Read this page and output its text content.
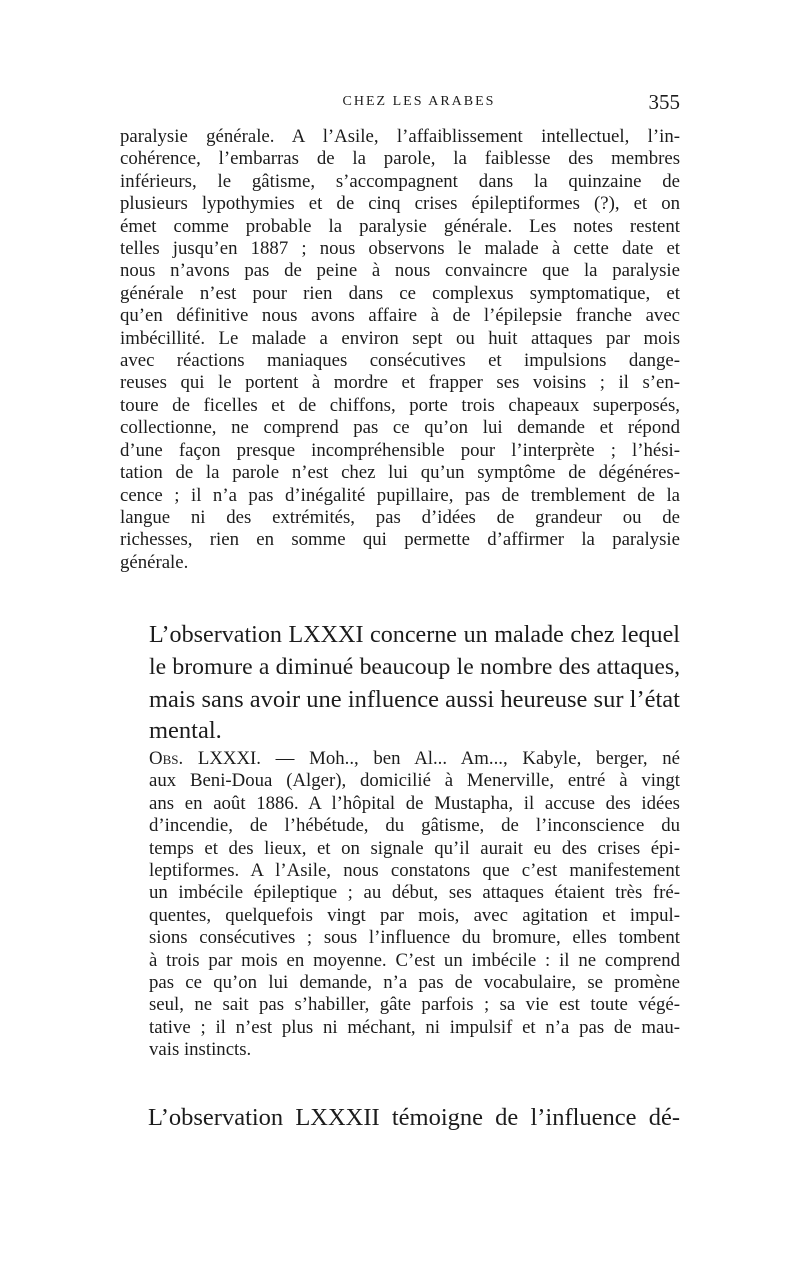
CHEZ LES ARABES	355
paralysie générale. A l’Asile, l’affaiblissement intellectuel, l’in-
cohérence, l’embarras de la parole, la faiblesse des membres
inférieurs, le gâtisme, s’accompagnent dans la quinzaine de
plusieurs lypothymies et de cinq crises épileptiformes (?), et on
émet comme probable la paralysie générale. Les notes restent
telles jusqu’en 1887 ; nous observons le malade à cette date et
nous n’avons pas de peine à nous convaincre que la paralysie
générale n’est pour rien dans ce complexus symptomatique, et
qu’en définitive nous avons affaire à de l’épilepsie franche avec
imbécillité. Le malade a environ sept ou huit attaques par mois
avec réactions maniaques consécutives et impulsions dange-
reuses qui le portent à mordre et frapper ses voisins ; il s’en-
toure de ficelles et de chiffons, porte trois chapeaux superposés,
collectionne, ne comprend pas ce qu’on lui demande et répond
d’une façon presque incompréhensible pour l’interprète ; l’hési-
tation de la parole n’est chez lui qu’un symptôme de dégénéres-
cence ; il n’a pas d’inégalité pupillaire, pas de tremblement de la
langue ni des extrémités, pas d’idées de grandeur ou de
richesses, rien en somme qui permette d’affirmer la paralysie
générale.
L’observation LXXXI concerne un malade chez lequel
le bromure a diminué beaucoup le nombre des attaques,
mais sans avoir une influence aussi heureuse sur l’état
mental.
Obs. LXXXI. — Moh.., ben Al... Am..., Kabyle, berger, né
aux Beni-Doua (Alger), domicilié à Menerville, entré à vingt
ans en août 1886. A l’hôpital de Mustapha, il accuse des idées
d’incendie, de l’hébétude, du gâtisme, de l’inconscience du
temps et des lieux, et on signale qu’il aurait eu des crises épi-
leptiformes. A l’Asile, nous constatons que c’est manifestement
un imbécile épileptique ; au début, ses attaques étaient très fré-
quentes, quelquefois vingt par mois, avec agitation et impul-
sions consécutives ; sous l’influence du bromure, elles tombent
à trois par mois en moyenne. C’est un imbécile : il ne comprend
pas ce qu’on lui demande, n’a pas de vocabulaire, se promène
seul, ne sait pas s’habiller, gâte parfois ; sa vie est toute végé-
tative ; il n’est plus ni méchant, ni impulsif et n’a pas de mau-
vais instincts.
L’observation LXXXII témoigne de l’influence dé-
